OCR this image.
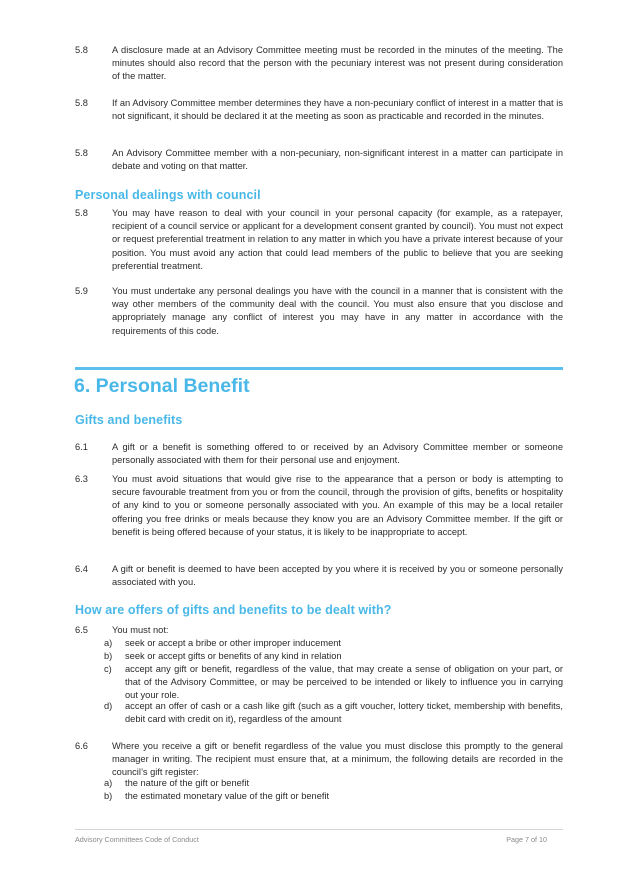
5.8	A disclosure made at an Advisory Committee meeting must be recorded in the minutes of the meeting. The minutes should also record that the person with the pecuniary interest was not present during consideration of the matter.
5.8	If an Advisory Committee member determines they have a non-pecuniary conflict of interest in a matter that is not significant, it should be declared it at the meeting as soon as practicable and recorded in the minutes.
5.8	An Advisory Committee member with a non-pecuniary, non-significant interest in a matter can participate in debate and voting on that matter.
Personal dealings with council
5.8	You may have reason to deal with your council in your personal capacity (for example, as a ratepayer, recipient of a council service or applicant for a development consent granted by council). You must not expect or request preferential treatment in relation to any matter in which you have a private interest because of your position. You must avoid any action that could lead members of the public to believe that you are seeking preferential treatment.
5.9	You must undertake any personal dealings you have with the council in a manner that is consistent with the way other members of the community deal with the council. You must also ensure that you disclose and appropriately manage any conflict of interest you may have in any matter in accordance with the requirements of this code.
6. Personal Benefit
Gifts and benefits
6.1	A gift or a benefit is something offered to or received by an Advisory Committee member or someone personally associated with them for their personal use and enjoyment.
6.3	You must avoid situations that would give rise to the appearance that a person or body is attempting to secure favourable treatment from you or from the council, through the provision of gifts, benefits or hospitality of any kind to you or someone personally associated with you. An example of this may be a local retailer offering you free drinks or meals because they know you are an Advisory Committee member. If the gift or benefit is being offered because of your status, it is likely to be inappropriate to accept.
6.4	A gift or benefit is deemed to have been accepted by you where it is received by you or someone personally associated with you.
How are offers of gifts and benefits to be dealt with?
6.5	You must not:
a) seek or accept a bribe or other improper inducement
b) seek or accept gifts or benefits of any kind in relation
c) accept any gift or benefit, regardless of the value, that may create a sense of obligation on your part, or that of the Advisory Committee, or may be perceived to be intended or likely to influence you in carrying out your role.
d) accept an offer of cash or a cash like gift (such as a gift voucher, lottery ticket, membership with benefits, debit card with credit on it), regardless of the amount
6.6	Where you receive a gift or benefit regardless of the value you must disclose this promptly to the general manager in writing. The recipient must ensure that, at a minimum, the following details are recorded in the council’s gift register:
a) the nature of the gift or benefit
b) the estimated monetary value of the gift or benefit
Advisory Committees Code of Conduct	Page 7 of 10
